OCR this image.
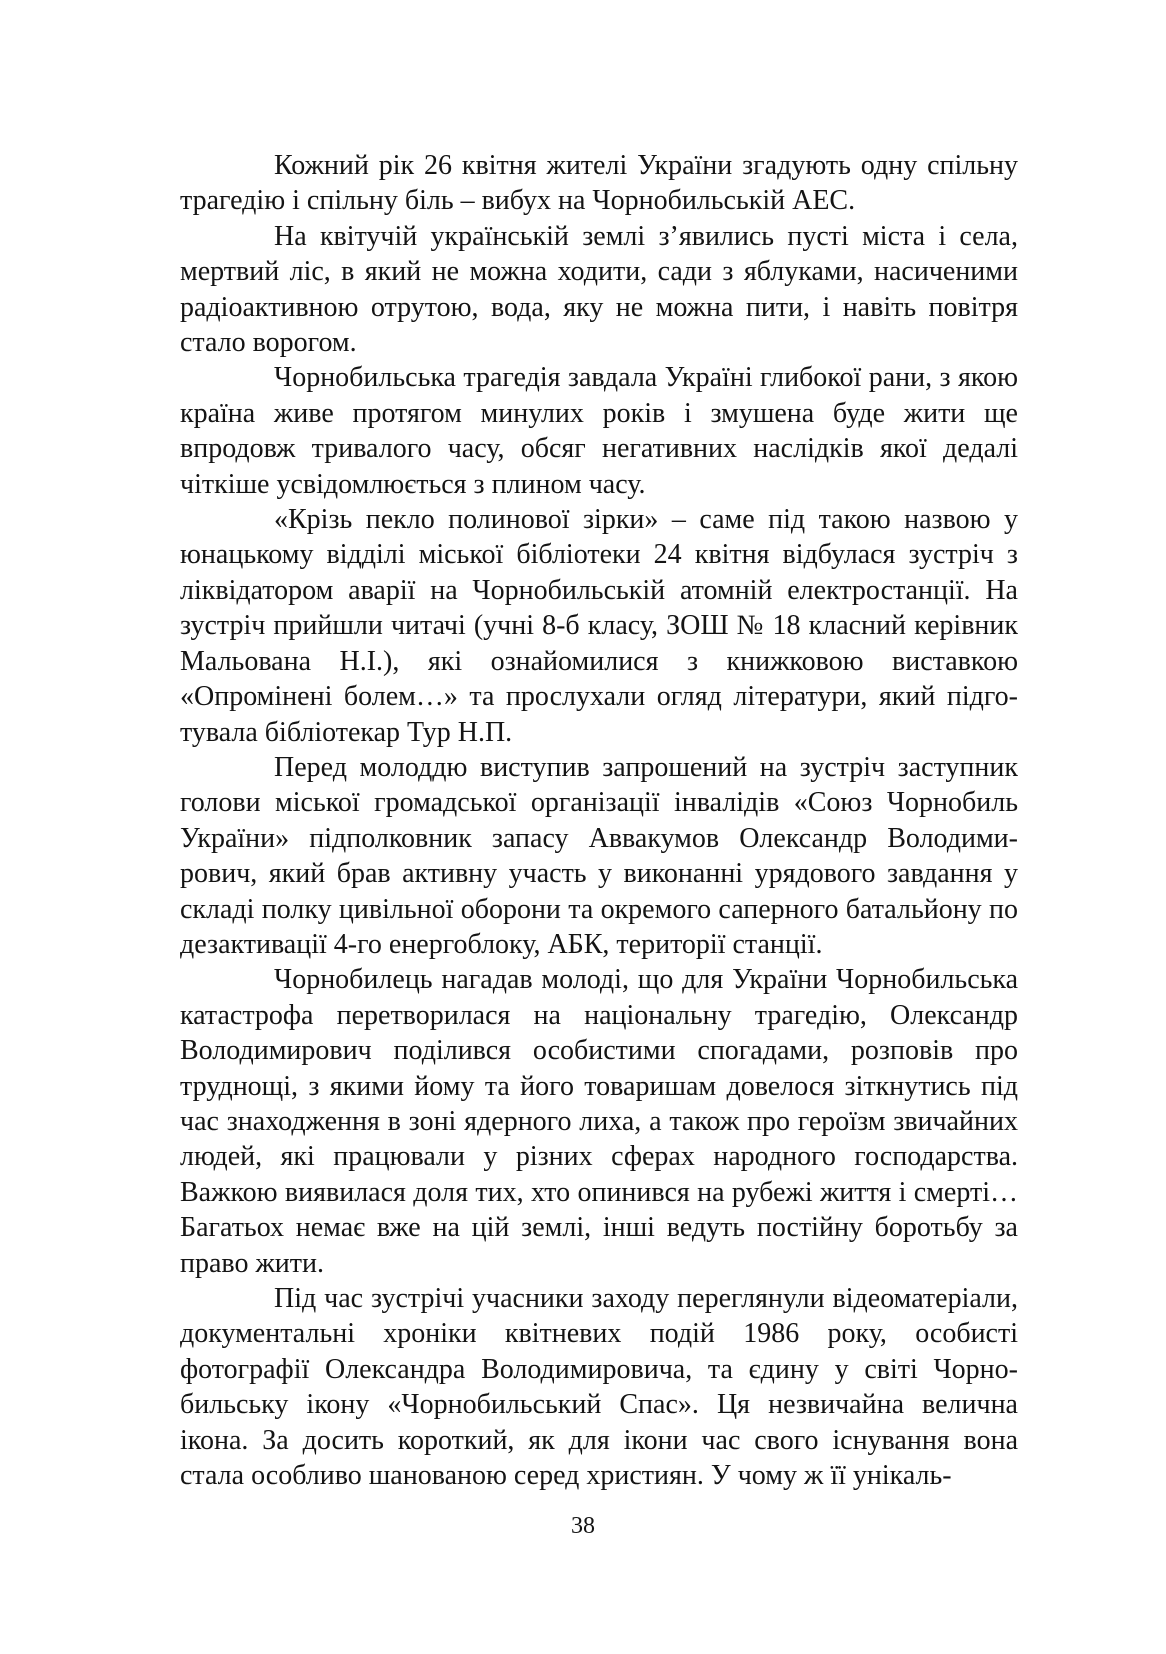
Кожний рік 26 квітня жителі України згадують одну спільну трагедію і спільну біль – вибух на Чорнобильській АЕС.

На квітучій українській землі з’явились пусті міста і села, мертвий ліс, в який не можна ходити, сади з яблуками, насиченими радіоактивною отрутою, вода, яку не можна пити, і навіть повітря стало ворогом.

Чорнобильська трагедія завдала Україні глибокої рани, з якою країна живе протягом минулих років і змушена буде жити ще впродовж тривалого часу, обсяг негативних наслідків якої дедалі чіткіше усвідомлюється з плином часу.

«Крізь пекло полинової зірки» – саме під такою назвою у юнацькому відділі міської бібліотеки 24 квітня відбулася зустріч з ліквідатором аварії на Чорнобильській атомній електростанції. На зустріч прийшли читачі (учні 8-б класу, ЗОШ № 18 класний керівник Мальована Н.І.), які ознайомилися з книжковою виставкою «Опромінені болем…» та прослухали огляд літератури, який підготувала бібліотекар Тур Н.П.

Перед молоддю виступив запрошений на зустріч заступник голови міської громадської організації інвалідів «Союз Чорнобиль України» підполковник запасу Аввакумов Олександр Володимирович, який брав активну участь у виконанні урядового завдання у складі полку цивільної оборони та окремого саперного батальйону по дезактивації 4-го енергоблоку, АБК, території станції.

Чорнобилець нагадав молоді, що для України Чорнобильська катастрофа перетворилася на національну трагедію, Олександр Володимирович поділився особистими спогадами, розповів про труднощі, з якими йому та його товаришам довелося зіткнутись під час знаходження в зоні ядерного лиха, а також про героїзм звичайних людей, які працювали у різних сферах народного господарства. Важкою виявилася доля тих, хто опинився на рубежі життя і смерті… Багатьох немає вже на цій землі, інші ведуть постійну боротьбу за право жити.

Під час зустрічі учасники заходу переглянули відеоматеріали, документальні хроніки квітневих подій 1986 року, особисті фотографії Олександра Володимировича, та єдину у світі Чорнобильську ікону «Чорнобильський Спас». Ця незвичайна велична ікона. За досить короткий, як для ікони час свого існування вона стала особливо шанованою серед християн. У чому ж її унікаль-

38
